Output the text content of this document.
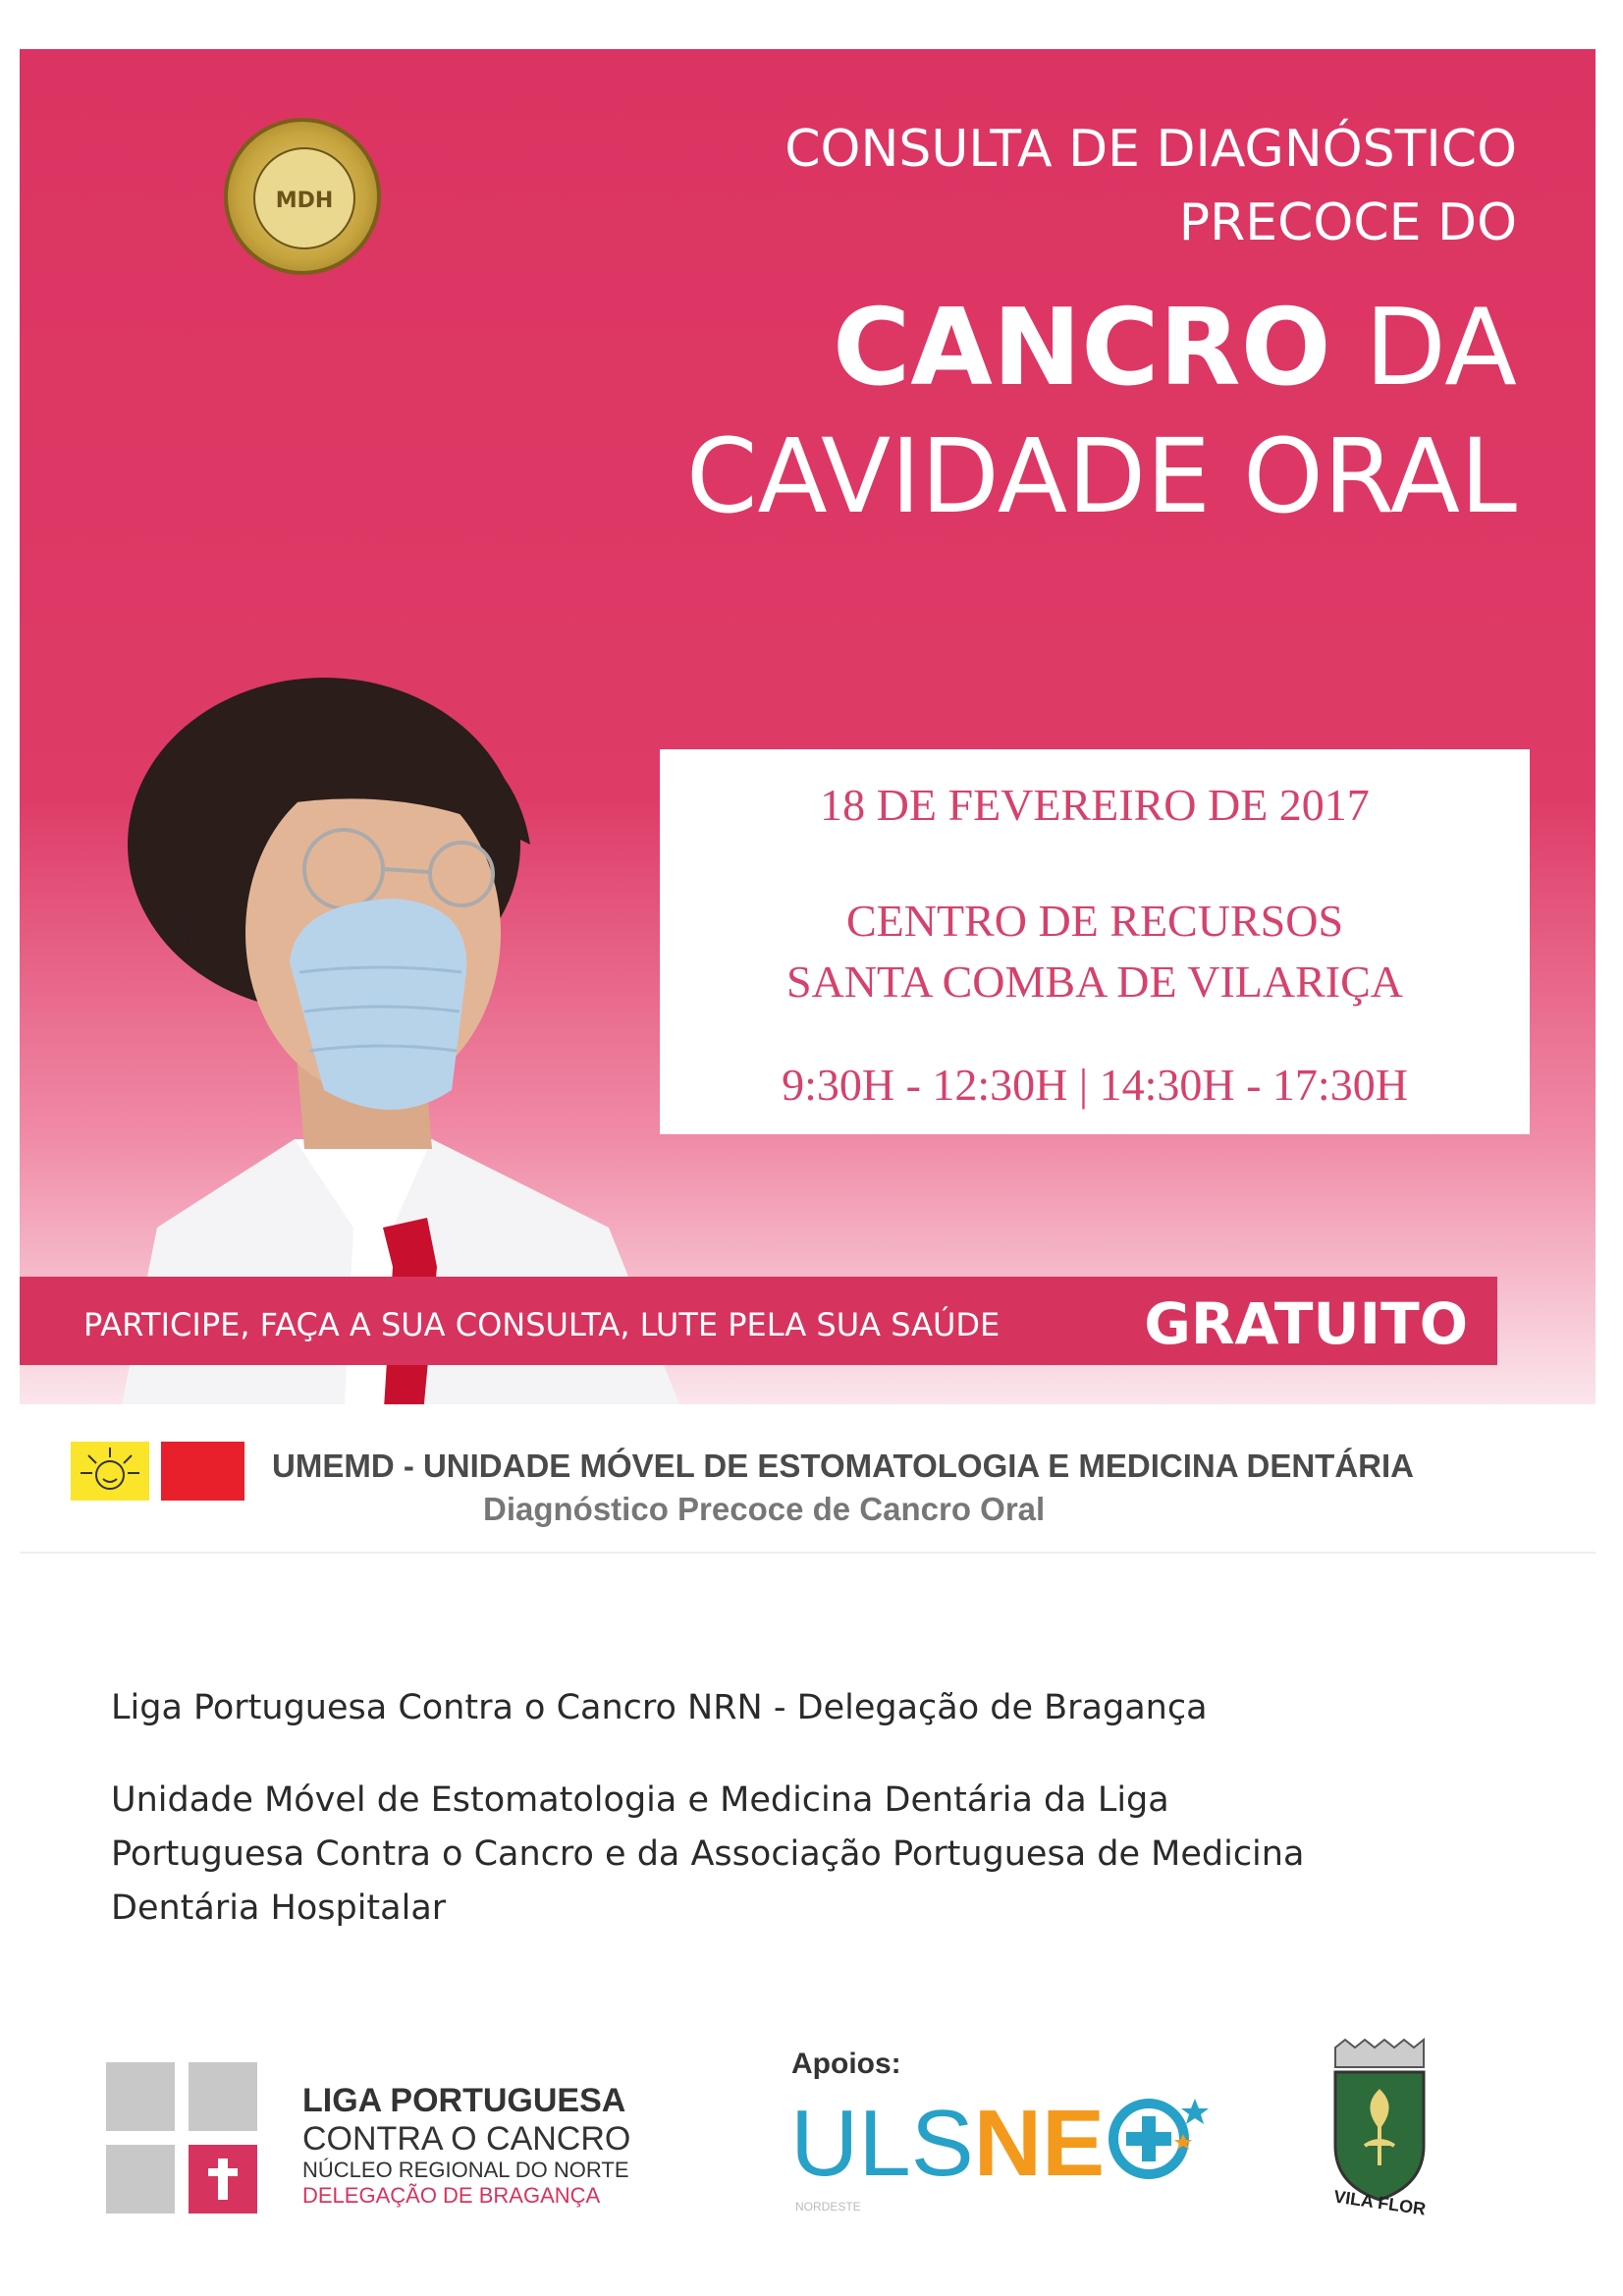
MDH
CONSULTA DE DIAGNÓSTICO
PRECOCE DO
CANCRO DA
CAVIDADE ORAL
18 DE FEVEREIRO DE 2017
CENTRO DE RECURSOS
SANTA COMBA DE VILARIÇA
9:30H - 12:30H | 14:30H - 17:30H
PARTICIPE, FAÇA A SUA CONSULTA, LUTE PELA SUA SAÚDE	GRATUITO
UMEMD - UNIDADE MÓVEL DE ESTOMATOLOGIA E MEDICINA DENTÁRIA
Diagnóstico Precoce de Cancro Oral
Liga Portuguesa Contra o Cancro NRN - Delegação de Bragança
Unidade Móvel de Estomatologia e Medicina Dentária da Liga
Portuguesa Contra o Cancro e da Associação Portuguesa de Medicina
Dentária Hospitalar
LIGA PORTUGUESA
CONTRA O CANCRO
NÚCLEO REGIONAL DO NORTE
DELEGAÇÃO DE BRAGANÇA
Apoios:
ULSNE
NORDESTE	VILA FLOR
